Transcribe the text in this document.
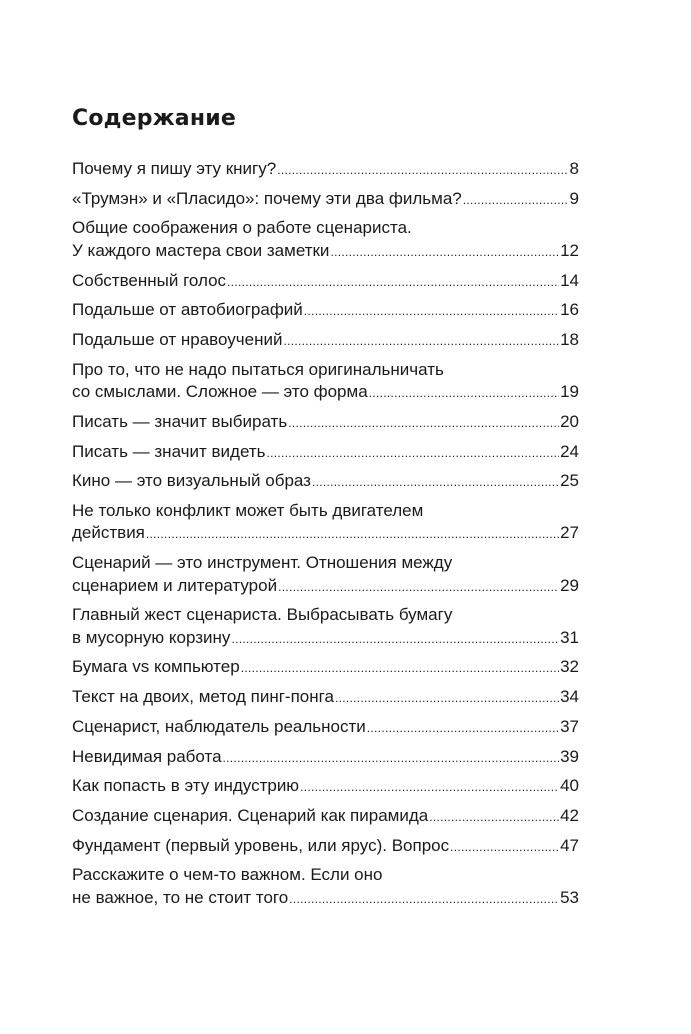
Содержание
Почему я пишу эту книгу? .....	8
«Трумэн» и «Пласидо»: почему эти два фильма? .....	9
Общие соображения о работе сценариста.
У каждого мастера свои заметки .....	12
Собственный голос .....	14
Подальше от автобиографий .....	16
Подальше от нравоучений .....	18
Про то, что не надо пытаться оригинальничать
со смыслами. Сложное — это форма .....	19
Писать — значит выбирать .....	20
Писать — значит видеть .....	24
Кино — это визуальный образ .....	25
Не только конфликт может быть двигателем
действия .....	27
Сценарий — это инструмент. Отношения между
сценарием и литературой .....	29
Главный жест сценариста. Выбрасывать бумагу
в мусорную корзину .....	31
Бумага vs компьютер .....	32
Текст на двоих, метод пинг-понга .....	34
Сценарист, наблюдатель реальности .....	37
Невидимая работа .....	39
Как попасть в эту индустрию .....	40
Создание сценария. Сценарий как пирамида .....	42
Фундамент (первый уровень, или ярус). Вопрос .....	47
Расскажите о чем-то важном. Если оно
не важное, то не стоит того .....	53
